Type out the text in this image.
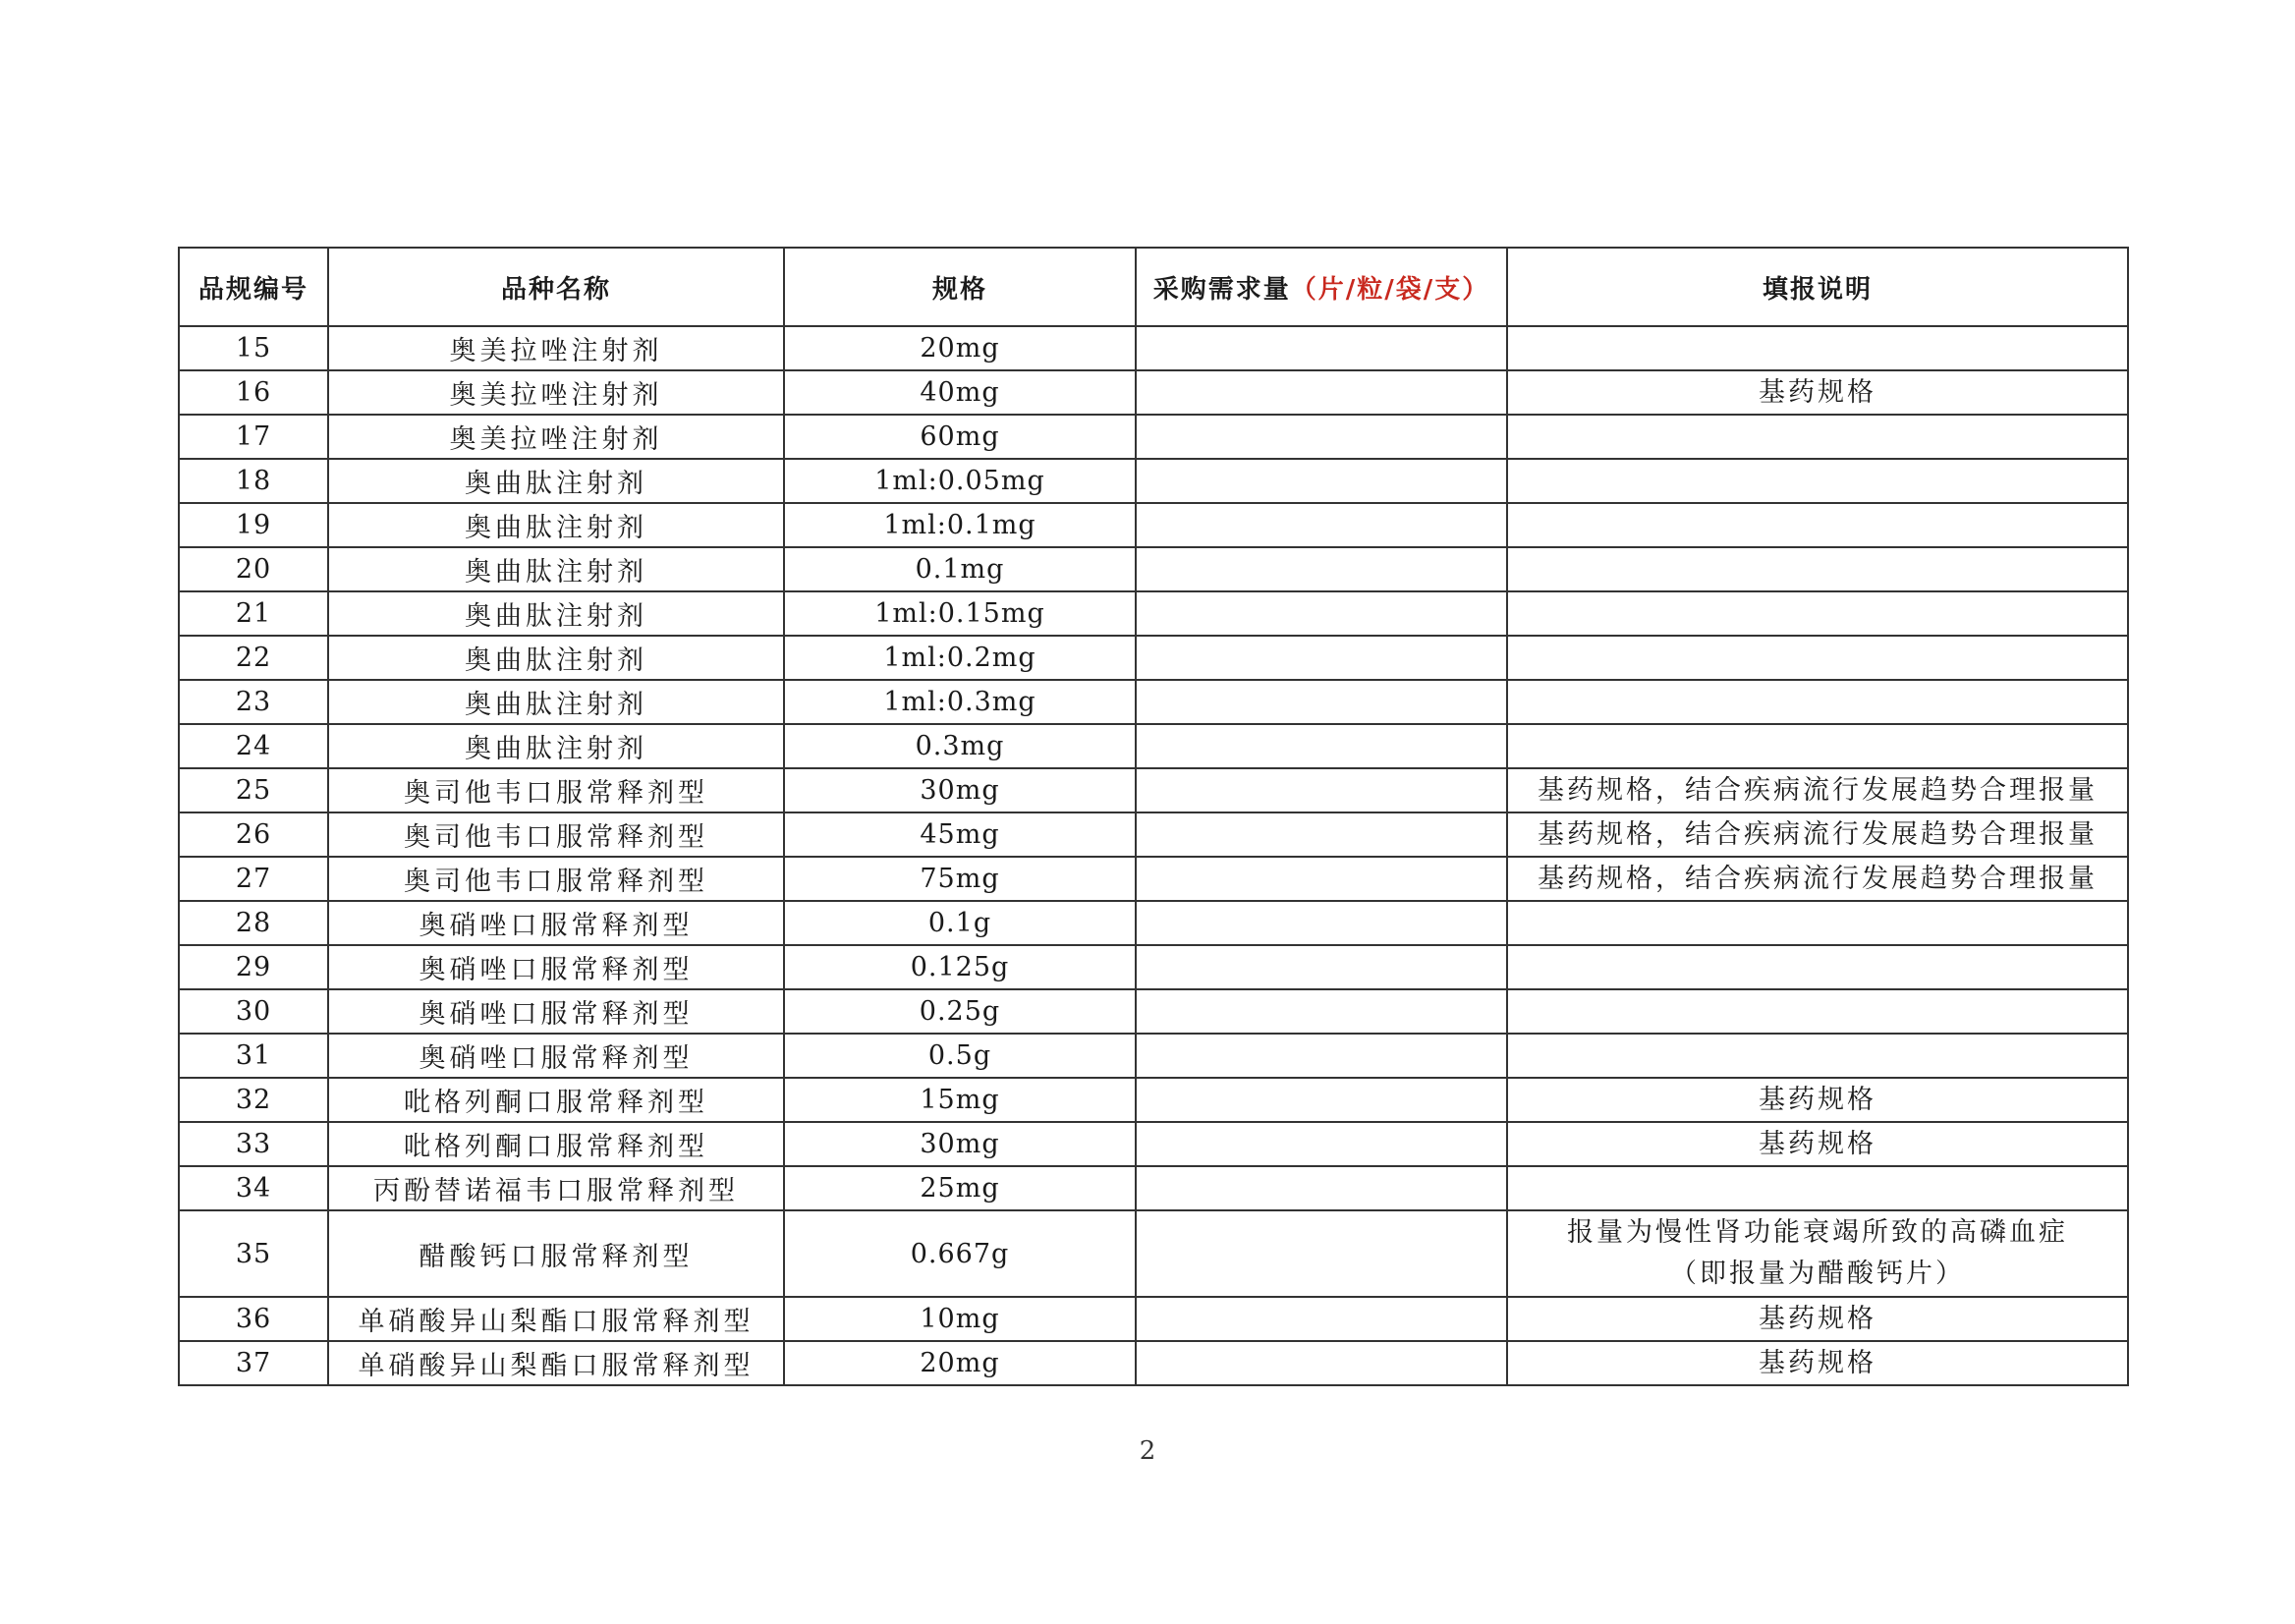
品规编号	品种名称	规格	采购需求量（片/粒/袋/支）	填报说明
15	奥美拉唑注射剂	20mg		
16	奥美拉唑注射剂	40mg		基药规格
17	奥美拉唑注射剂	60mg		
18	奥曲肽注射剂	1ml:0.05mg		
19	奥曲肽注射剂	1ml:0.1mg		
20	奥曲肽注射剂	0.1mg		
21	奥曲肽注射剂	1ml:0.15mg		
22	奥曲肽注射剂	1ml:0.2mg		
23	奥曲肽注射剂	1ml:0.3mg		
24	奥曲肽注射剂	0.3mg		
25	奥司他韦口服常释剂型	30mg		基药规格，结合疾病流行发展趋势合理报量
26	奥司他韦口服常释剂型	45mg		基药规格，结合疾病流行发展趋势合理报量
27	奥司他韦口服常释剂型	75mg		基药规格，结合疾病流行发展趋势合理报量
28	奥硝唑口服常释剂型	0.1g		
29	奥硝唑口服常释剂型	0.125g		
30	奥硝唑口服常释剂型	0.25g		
31	奥硝唑口服常释剂型	0.5g		
32	吡格列酮口服常释剂型	15mg		基药规格
33	吡格列酮口服常释剂型	30mg		基药规格
34	丙酚替诺福韦口服常释剂型	25mg		
35	醋酸钙口服常释剂型	0.667g		报量为慢性肾功能衰竭所致的高磷血症
（即报量为醋酸钙片）

36	单硝酸异山梨酯口服常释剂型	10mg		基药规格
37	单硝酸异山梨酯口服常释剂型	20mg		基药规格
2
